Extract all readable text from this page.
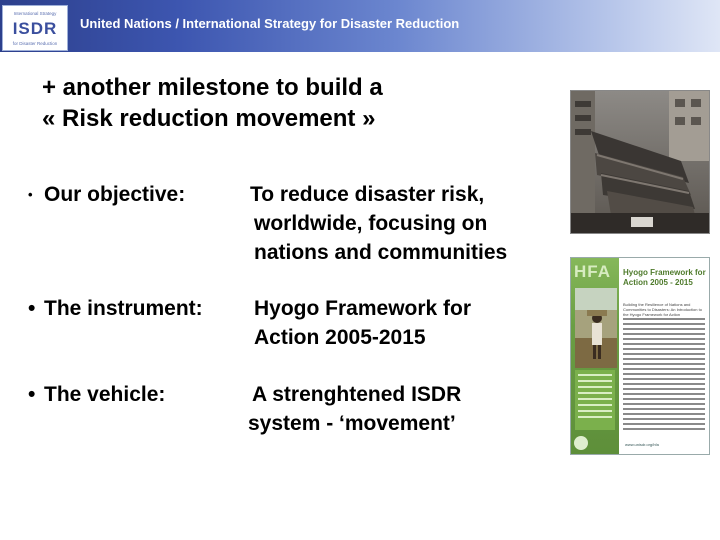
International Strategy
ISDR
for Disaster Reduction
United Nations / International Strategy for Disaster Reduction
+ another milestone to build a
« Risk reduction movement »
• Our objective:	To reduce disaster risk,
worldwide, focusing on
nations and communities
• The instrument: Hyogo Framework for
Action 2005-2015
• The vehicle:	A strenghtened ISDR
system - ‘movement’
HFA Hyogo Framework for Action 2005 - 2015
Building the Resilience of Nations and Communities to Disasters: An Introduction to the Hyogo Framework for Action
www.unisdr.org/hfa
